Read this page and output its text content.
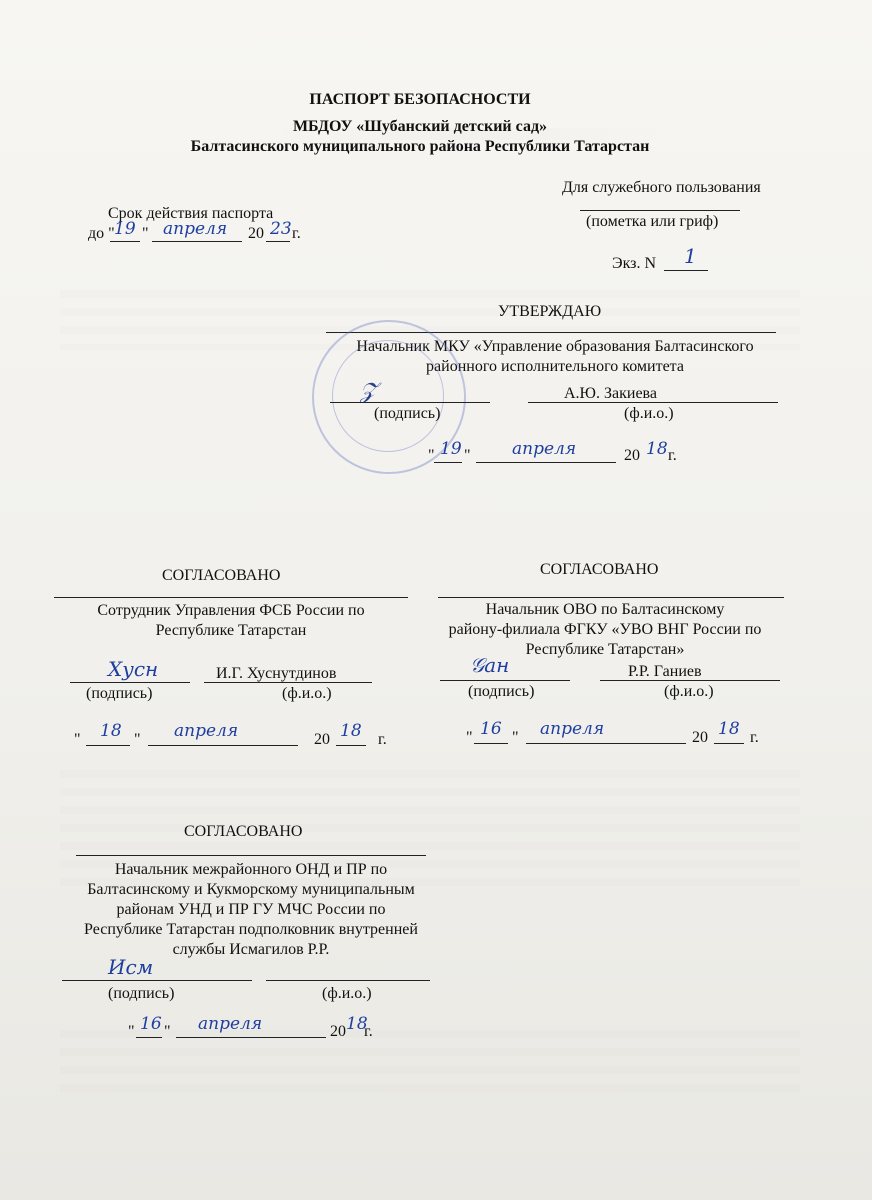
ПАСПОРТ БЕЗОПАСНОСТИ
МБДОУ «Шубанский детский сад»
Балтасинского муниципального района Республики Татарстан
Для служебного пользования
(пометка или гриф)
Срок действия паспорта
до " 19 " апреля 20 23 г.
Экз. N 1
УТВЕРЖДАЮ
Начальник МКУ «Управление образования Балтасинского
районного исполнительного комитета
𝒵	А.Ю. Закиева
(подпись)	(ф.и.о.)
" 19 " апреля	20 18 г.
СОГЛАСОВАНО
Сотрудник Управления ФСБ России по
Республике Татарстан
Хусн	И.Г. Хуснутдинов
(подпись)	(ф.и.о.)
" 18 " апреля	20 18 г.
СОГЛАСОВАНО
Начальник ОВО по Балтасинскому
району-филиала ФГКУ «УВО ВНГ России по
Республике Татарстан»
𝒢ан	Р.Р. Ганиев
(подпись)	(ф.и.о.)
" 16 " апреля	20 18 г.
СОГЛАСОВАНО
Начальник межрайонного ОНД и ПР по
Балтасинскому и Кукморскому муниципальным
районам УНД и ПР ГУ МЧС России по
Республике Татарстан подполковник внутренней
службы Исмагилов Р.Р.
Исм
(подпись)	(ф.и.о.)
" 16 " апреля	20 18
г.
